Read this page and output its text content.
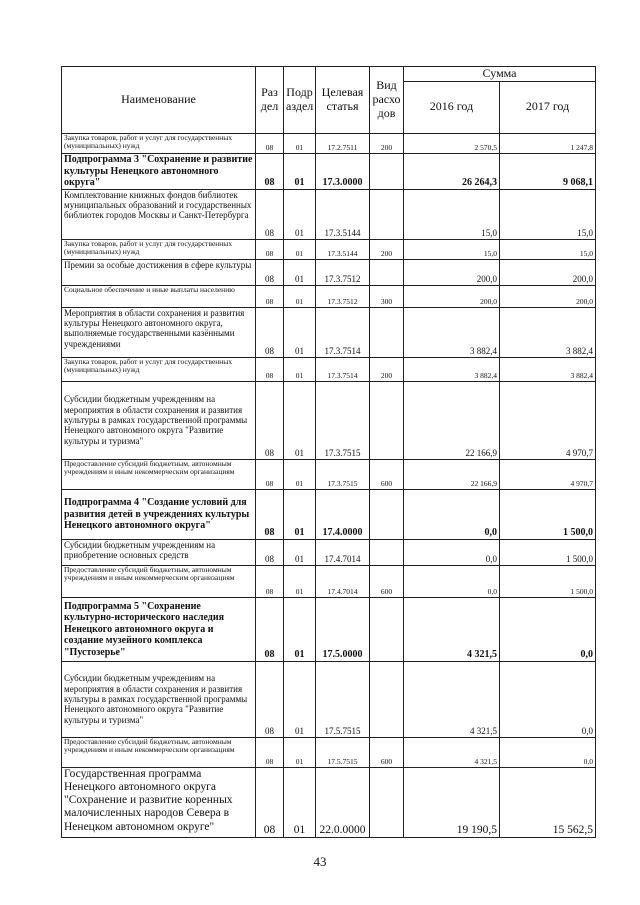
Наименование	Раз дел	Подр аздел	Целевая статья	Вид расхо дов	Сумма	
					2016 год	2017 год
Закупка товаров, работ и услуг для государственных (муниципальных) нужд	08	01	17.2.7511	200	2 570,5	1 247,8
Подпрограмма 3 "Сохранение и развитие культуры Ненецкого автономного округа"	08	01	17.3.0000		26 264,3	9 068,1
Комплектование книжных фондов библиотек муниципальных образований и государственных библиотек городов Москвы и Санкт-Петербурга	08	01	17.3.5144		15,0	15,0
Закупка товаров, работ и услуг для государственных (муниципальных) нужд	08	01	17.3.5144	200	15,0	15,0
Премии за особые достижения в сфере культуры	08	01	17.3.7512		200,0	200,0
Социальное обеспечение и иные выплаты населению	08	01	17.3.7512	300	200,0	200,0
Мероприятия в области сохранения и развития культуры Ненецкого автономного округа, выполняемые государственными казёнными учреждениями	08	01	17.3.7514		3 882,4	3 882,4
Закупка товаров, работ и услуг для государственных (муниципальных) нужд	08	01	17.3.7514	200	3 882,4	3 882,4
Субсидии бюджетным учреждениям на мероприятия в области сохранения и развития культуры в рамках государственной программы Ненецкого автономного округа "Развитие культуры и туризма"	08	01	17.3.7515		22 166,9	4 970,7
Предоставление субсидий бюджетным, автономным учреждениям и иным некоммерческим организациям	08	01	17.3.7515	600	22 166,9	4 970,7
Подпрограмма 4 "Создание условий для развития детей в учреждениях культуры Ненецкого автономного округа"	08	01	17.4.0000		0,0	1 500,0
Субсидии бюджетным учреждениям на приобретение основных средств	08	01	17.4.7014		0,0	1 500,0
Предоставление субсидий бюджетным, автономным учреждениям и иным некоммерческим организациям	08	01	17.4.7014	600	0,0	1 500,0
Подпрограмма 5 "Сохранение культурно-исторического наследия Ненецкого автономного округа и создание музейного комплекса "Пустозерье"	08	01	17.5.0000		4 321,5	0,0
Субсидии бюджетным учреждениям на мероприятия в области сохранения и развития культуры в рамках государственной программы Ненецкого автономного округа "Развитие культуры и туризма"	08	01	17.5.7515		4 321,5	0,0
Предоставление субсидий бюджетным, автономным учреждениям и иным некоммерческим организациям	08	01	17.5.7515	600	4 321,5	0,0
Государственная программа Ненецкого автономного округа "Сохранение и развитие коренных малочисленных народов Севера в Ненецком автономном округе"	08	01	22.0.0000		19 190,5	15 562,5
43
